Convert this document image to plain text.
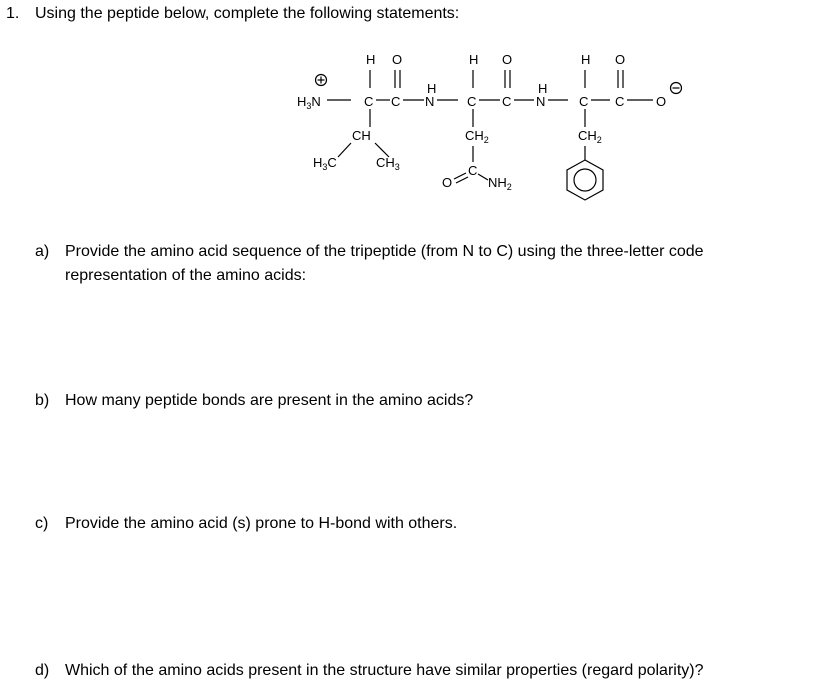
1. Using the peptide below, complete the following statements:
$H_3N$
H
C
O
C
H
N
CH
$H_3C$	$CH_3$
H
C
O
C
H
N
$CH_2$
C
O	$NH_2$
H
C
O
C O
$CH_2$
a) Provide the amino acid sequence of the tripeptide (from N to C) using the three-letter code
representation of the amino acids:
b) How many peptide bonds are present in the amino acids?
c) Provide the amino acid (s) prone to H-bond with others.
d) Which of the amino acids present in the structure have similar properties (regard polarity)?
